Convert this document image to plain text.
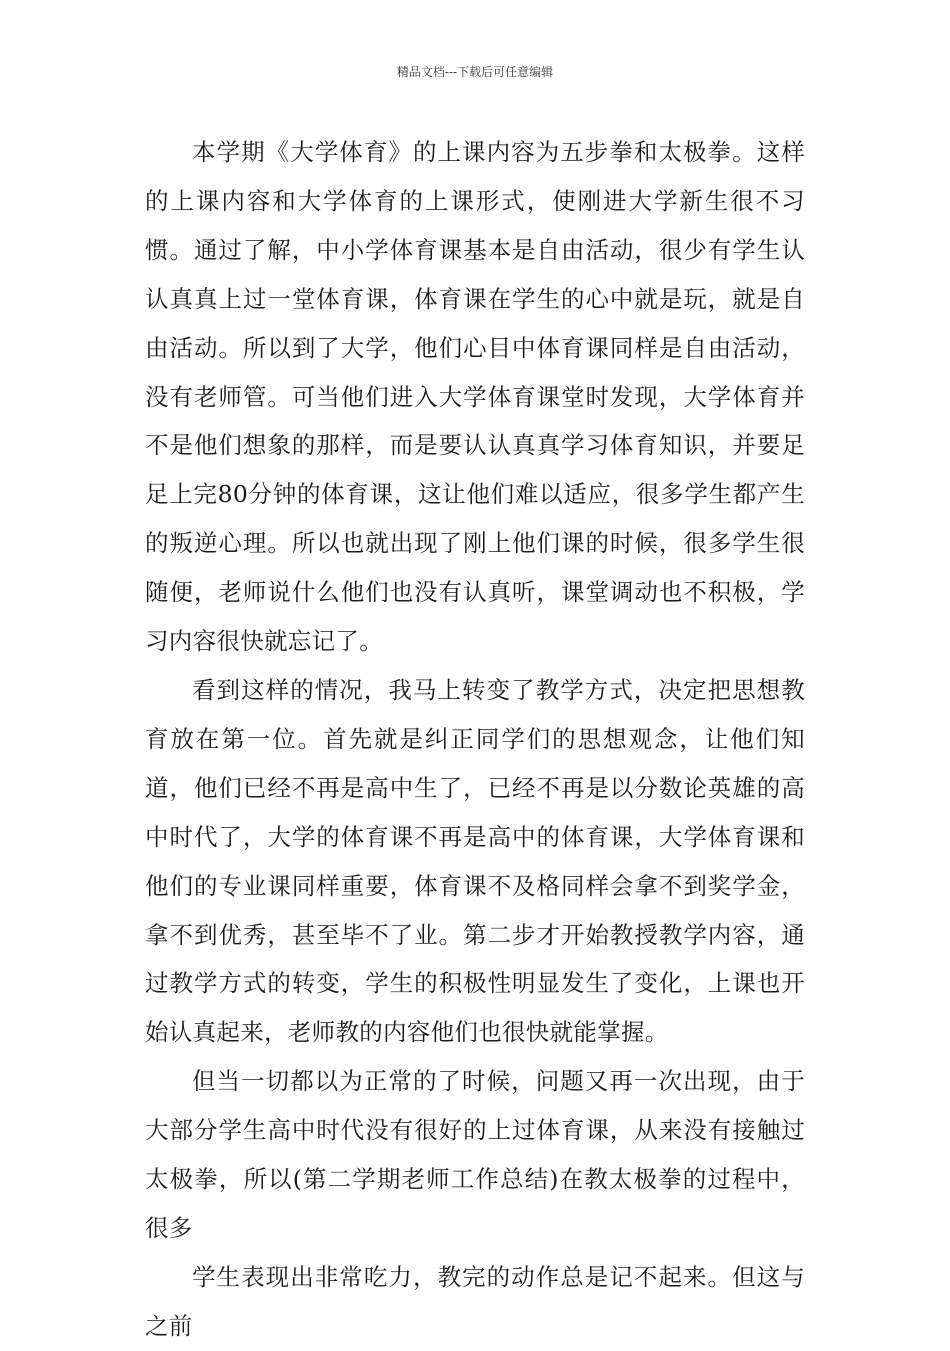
精品文档---下载后可任意编辑

本学期《大学体育》的上课内容为五步拳和太极拳。这样的上课内容和大学体育的上课形式，使刚进大学新生很不习惯。通过了解，中小学体育课基本是自由活动，很少有学生认认真真上过一堂体育课，体育课在学生的心中就是玩，就是自由活动。所以到了大学，他们心目中体育课同样是自由活动，没有老师管。可当他们进入大学体育课堂时发现，大学体育并不是他们想象的那样，而是要认认真真学习体育知识，并要足足上完80分钟的体育课，这让他们难以适应，很多学生都产生的叛逆心理。所以也就出现了刚上他们课的时候，很多学生很随便，老师说什么他们也没有认真听，课堂调动也不积极，学习内容很快就忘记了。

看到这样的情况，我马上转变了教学方式，决定把思想教育放在第一位。首先就是纠正同学们的思想观念，让他们知道，他们已经不再是高中生了，已经不再是以分数论英雄的高中时代了，大学的体育课不再是高中的体育课，大学体育课和他们的专业课同样重要，体育课不及格同样会拿不到奖学金，拿不到优秀，甚至毕不了业。第二步才开始教授教学内容，通过教学方式的转变，学生的积极性明显发生了变化，上课也开始认真起来，老师教的内容他们也很快就能掌握。

但当一切都以为正常的了时候，问题又再一次出现，由于大部分学生高中时代没有很好的上过体育课，从来没有接触过太极拳，所以(第二学期老师工作总结)在教太极拳的过程中，很多

学生表现出非常吃力，教完的动作总是记不起来。但这与之前
